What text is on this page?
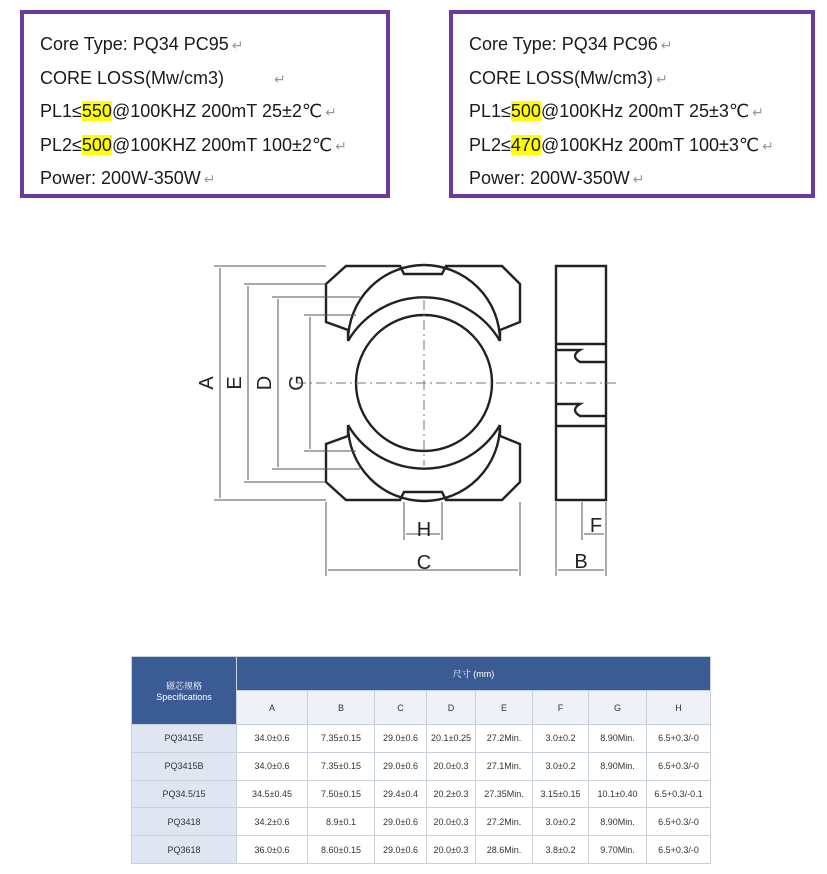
Core Type: PQ34 PC95 ↵
CORE LOSS(Mw/cm3)	↵
PL1≤550@100KHZ 200mT 25±2℃ ↵
PL2≤500@100KHZ 200mT 100±2℃ ↵
Power: 200W-350W ↵
Core Type: PQ34 PC96 ↵
CORE LOSS(Mw/cm3) ↵
PL1≤500@100KHz 200mT 25±3℃ ↵
PL2≤470@100KHz 200mT 100±3℃ ↵
Power: 200W-350W ↵
A E D G
H
C
F
B
磁芯规格
Specifications	尺寸 (mm)							
	A	B	C	D	E	F	G	H
PQ3415E	34.0±0.6	7.35±0.15	29.0±0.6	20.1±0.25	27.2Min.	3.0±0.2	8.90Min.	6.5+0.3/-0
PQ3415B	34.0±0.6	7.35±0.15	29.0±0.6	20.0±0.3	27.1Min.	3.0±0.2	8.90Min.	6.5+0.3/-0
PQ34.5/15	34.5±0.45	7.50±0.15	29.4±0.4	20.2±0.3	27.35Min.	3.15±0.15	10.1±0.40	6.5+0.3/-0.1
PQ3418	34.2±0.6	8.9±0.1	29.0±0.6	20.0±0.3	27.2Min.	3.0±0.2	8.90Min.	6.5+0.3/-0
PQ3618	36.0±0.6	8.60±0.15	29.0±0.6	20.0±0.3	28.6Min.	3.8±0.2	9.70Min.	6.5+0.3/-0
